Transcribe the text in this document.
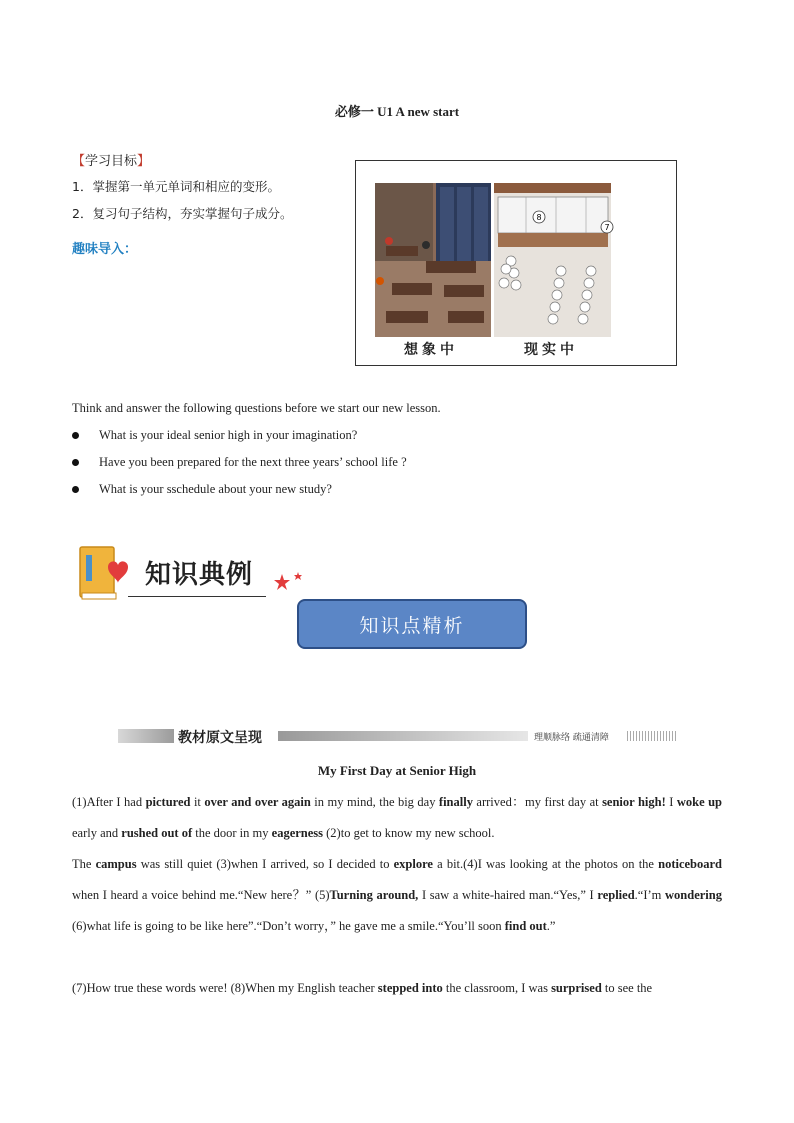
必修一 U1 A new start
【学习目标】
1．掌握第一单元单词和相应的变形。
2．复习句子结构，夯实掌握句子成分。
趣味导入：
8
7
想象中	现实中
Think and answer the following questions before we start our new lesson.
What is your ideal senior high in your imagination?
Have you been prepared for the next three years’ school life ?
What is your sschedule about your new study?
知识典例
知识点精析
教材原文呈现	理顺脉络 疏通清障
My First Day at Senior High
(1)After I had pictured it over and over again in my mind, the big day finally arrived：my first day at senior high! I woke up early and rushed out of the door in my eagerness (2)to get to know my new school.
The campus was still quiet (3)when I arrived, so I decided to explore a bit.(4)I was looking at the photos on the noticeboard when I heard a voice behind me.“New here？” (5)Turning around, I saw a white-haired man.“Yes,” I replied.“I’m wondering (6)what life is going to be like here”.“Don’t worry，” he gave me a smile.“You’ll soon find out.”
(7)How true these words were! (8)When my English teacher stepped into the classroom, I was surprised to see the
